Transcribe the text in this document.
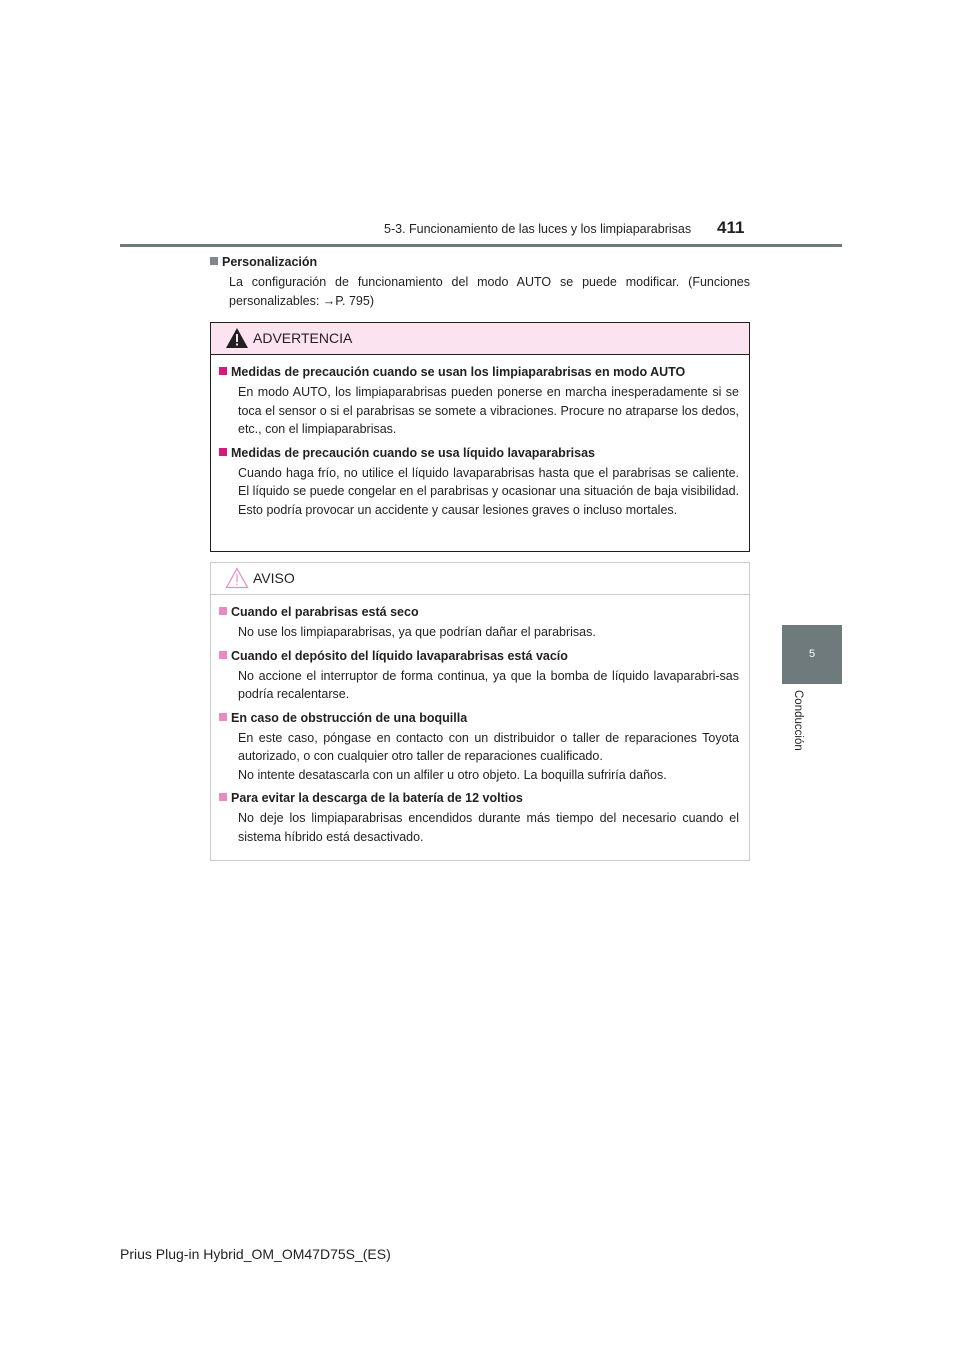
5-3. Funcionamiento de las luces y los limpiaparabrisas 411
5
Conducción

Personalización

La configuración de funcionamiento del modo AUTO se puede modificar. (Funciones personalizables: →P. 795)

ADVERTENCIA

Medidas de precaución cuando se usan los limpiaparabrisas en modo AUTO

En modo AUTO, los limpiaparabrisas pueden ponerse en marcha inesperadamente si se toca el sensor o si el parabrisas se somete a vibraciones. Procure no atraparse los dedos, etc., con el limpiaparabrisas.

Medidas de precaución cuando se usa líquido lavaparabrisas

Cuando haga frío, no utilice el líquido lavaparabrisas hasta que el parabrisas se caliente. El líquido se puede congelar en el parabrisas y ocasionar una situación de baja visibilidad. Esto podría provocar un accidente y causar lesiones graves o incluso mortales.

AVISO

Cuando el parabrisas está seco

No use los limpiaparabrisas, ya que podrían dañar el parabrisas.

Cuando el depósito del líquido lavaparabrisas está vacío

No accione el interruptor de forma continua, ya que la bomba de líquido lavaparabri-sas podría recalentarse.

En caso de obstrucción de una boquilla

En este caso, póngase en contacto con un distribuidor o taller de reparaciones Toyota autorizado, o con cualquier otro taller de reparaciones cualificado.

No intente desatascarla con un alfiler u otro objeto. La boquilla sufriría daños.

Para evitar la descarga de la batería de 12 voltios

No deje los limpiaparabrisas encendidos durante más tiempo del necesario cuando el sistema híbrido está desactivado.

Prius Plug-in Hybrid_OM_OM47D75S_(ES)
